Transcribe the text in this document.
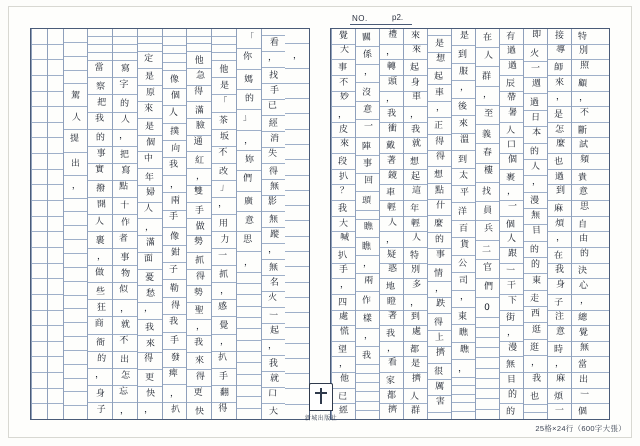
NO.	p2.
，
看
，
找
手
已
經
消
失
得
無
影
無
蹤
，
無
名
火
一
起
，
我
就
口
大
「
你
媽
的
」
，
妳
們
廣
意
思
，
他
是
「
茶
坂
不
改
」
，
用
力
一
抓
，
感
覺
，
扒
手
翻
得
他
急
得
滿
臉
通
紅
，
雙
手
做
勢
抓
得
勢
聖
，
我
來
得
更
快
像
個
人
撲
向
我
，
兩
手
像
鉗
子
勒
得
我
手
發
痺
，
扒
定
是
原
來
是
個
中
年
婦
人
，
滿
面
憂
愁
，
我
來
得
更
快
，
寫
字
的
人
，
把
寫
點
十
作
者
事
物
似
，
就
不
出
怎
忘
，
當
察
把
我
的
事
實
撥
開
人
裹
，
做
些
狂
商
衙
的
，
身
子
駕
人
提
出
，
特
別
照
顧
，
不
斷
試
頻
貴
意
思
自
由
的
決
心
，
總
覺
無
當
出
一
個
接
導
師
來
，
是
怎
麼
也
過
到
麻
煩
，
在
我
身
子
注
意
時
，
麻
煩
一
即
火
一
週
過
日
本
的
人
，
漫
無
目
的
的
東
走
西
逛
逛
，
我
也
有
過
過
辰
帶
暑
人
口
個
裹
，
一
個
人
跟
一
干
下
街
，
漫
無
目
的
的
在
人
群
，
至
義
春
樓
找
員
兵
二
官
們
0
是
到
服
，
後
來
溫
到
太
平
洋
百
貨
公
司
，
東
瞧
瞧
，
是
想
起
車
，
正
得
得
想
點
什
麼
的
事
情
，
跌
得
上
擠
很
厲
害
來
來
起
身
車
，
我
就
想
起
這
年
輕
人
特
別
多
，
到
處
都
是
擠
人
群
禮
，
轉
頭
，
我
衝
戴
著
鏡
車
輕
人
，
疑
惑
地
瞪
著
我
，
看
家
都
擠
關
係
，
沒
意
一
陣
事
回
頭
瞧
瞧
，
兩
作
樣
，
我
覺
大
事
不
妙
，
皮
來
段
扒
？
我
大
喊
扒
手
，
四
處
慌
望
，
他
已
經
新城出版社
25格×24行（600字大張）
